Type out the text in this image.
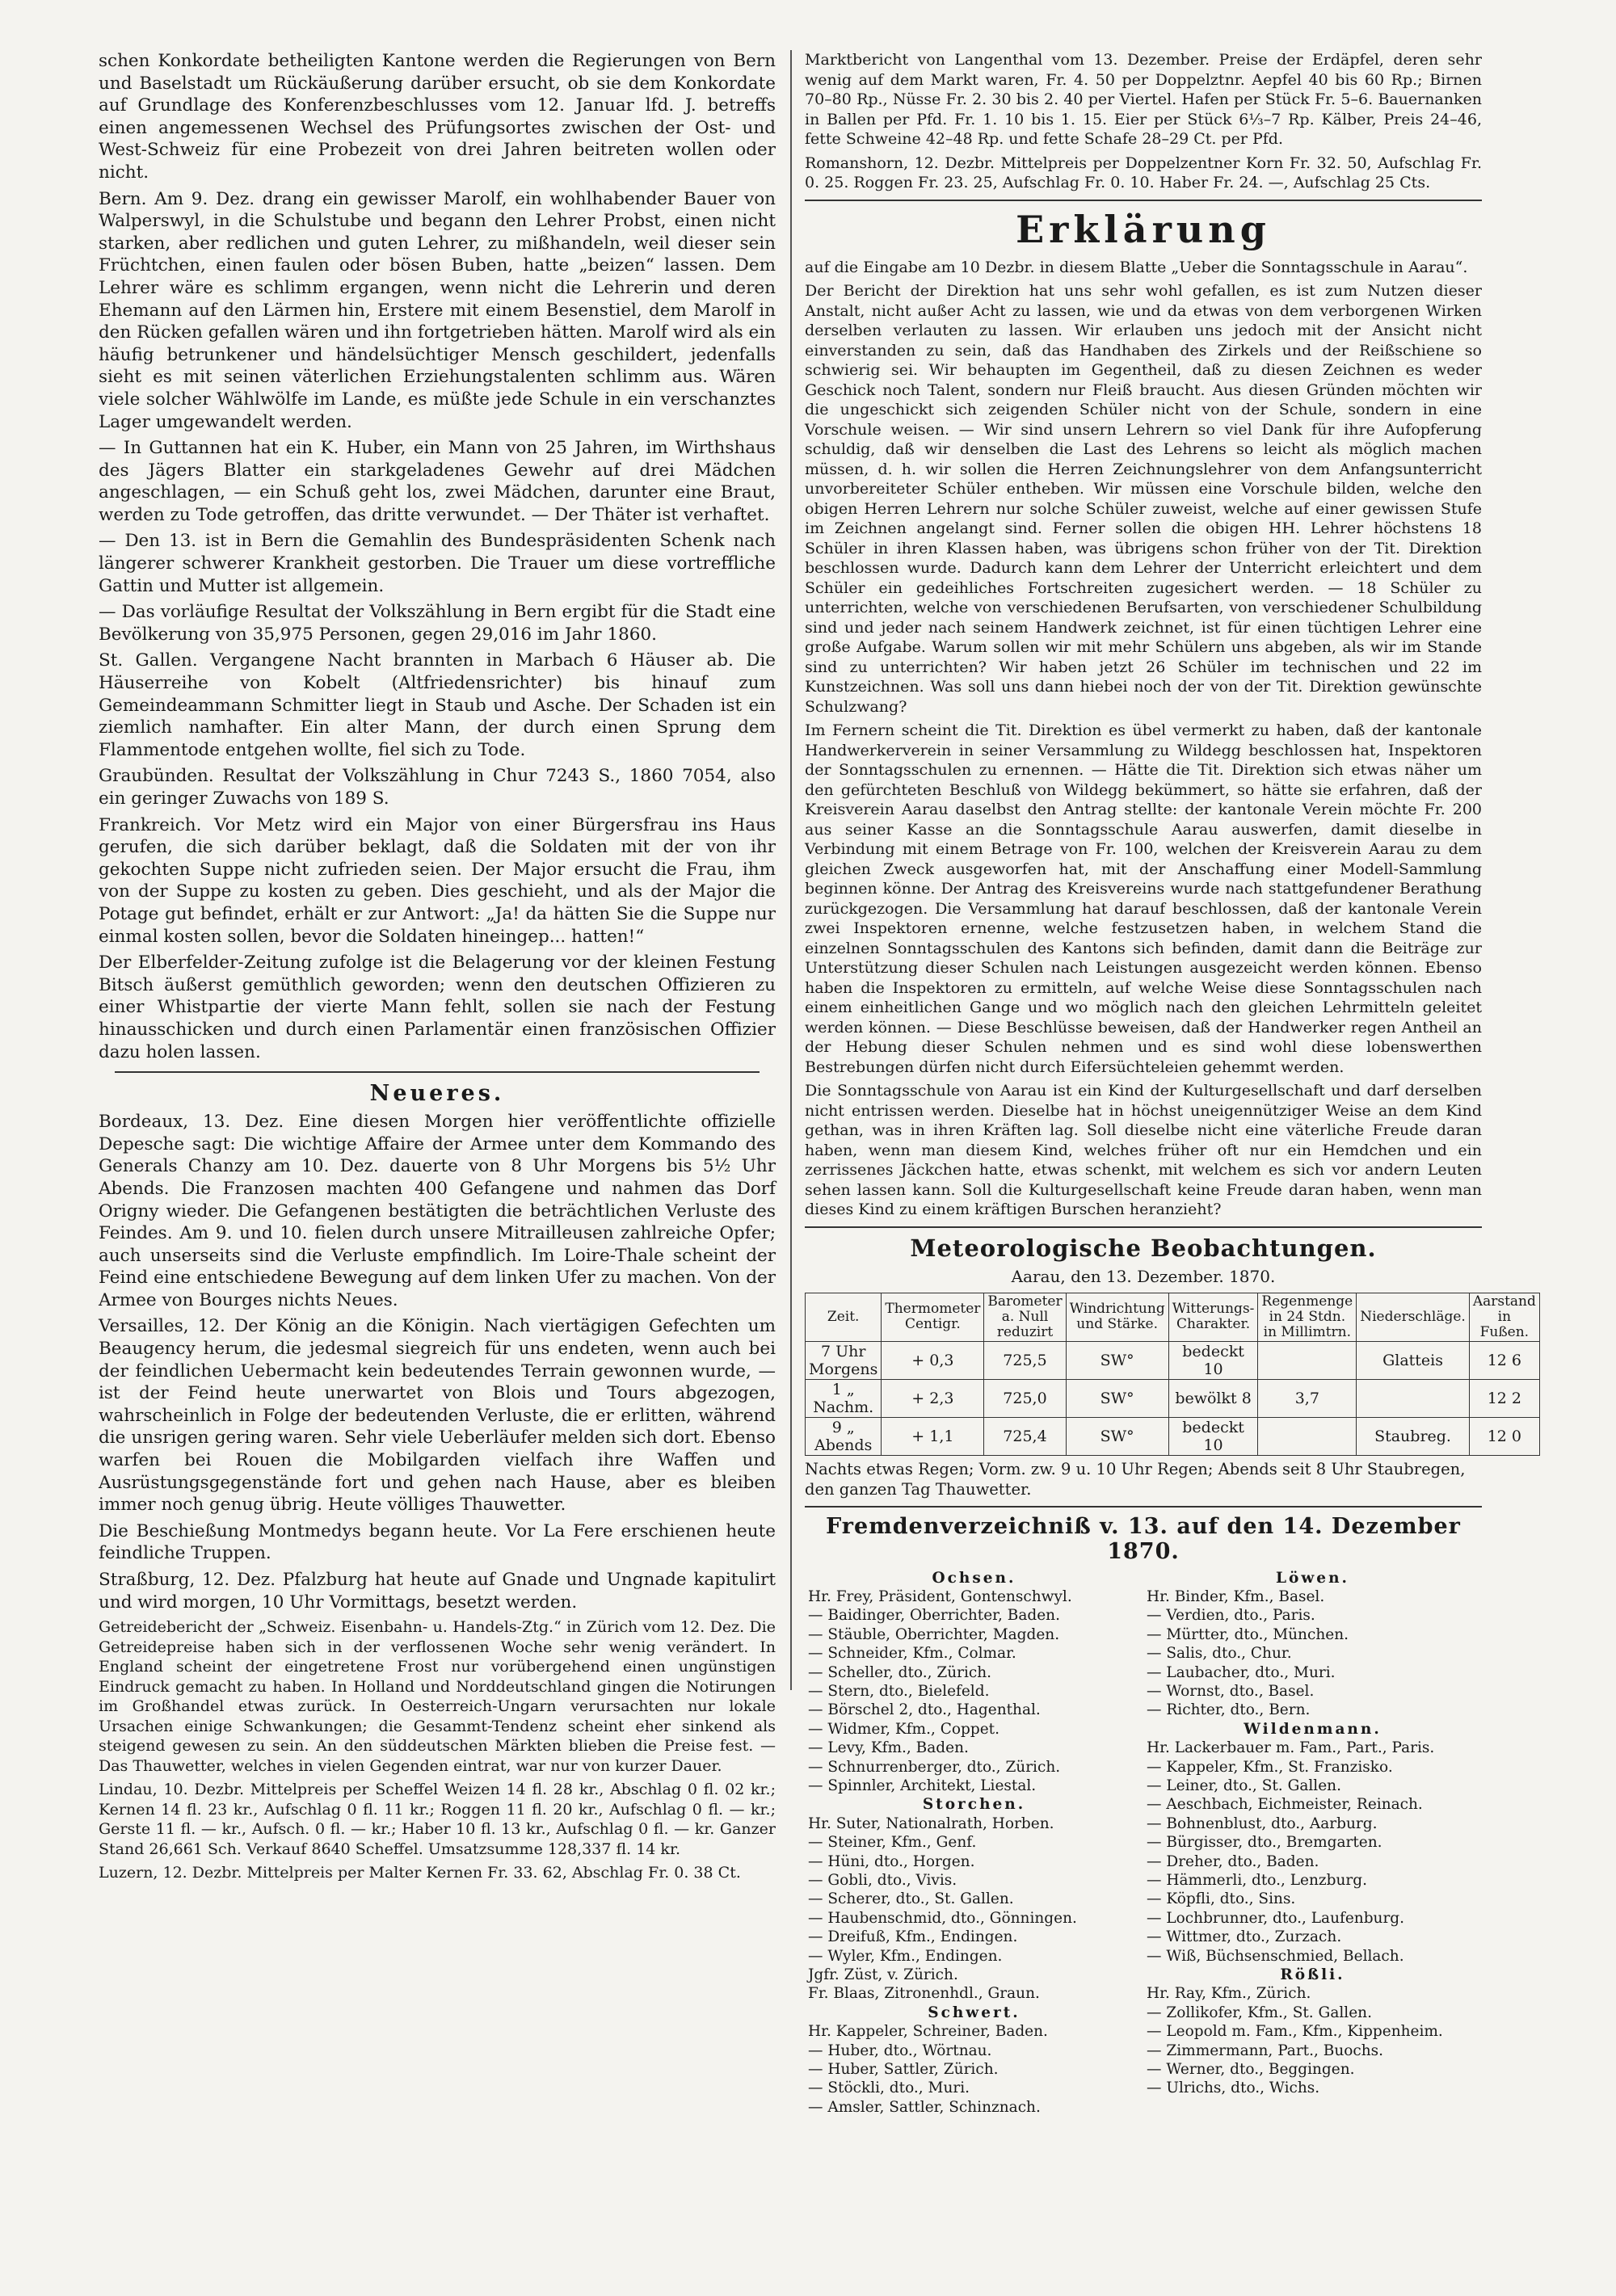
schen Konkordate betheiligten Kantone werden die Regierungen von Bern und Baselstadt um Rückäußerung darüber ersucht, ob sie dem Konkordate auf Grundlage des Konferenzbeschlusses vom 12. Januar lfd. J. betreffs einen angemessenen Wechsel des Prüfungsortes zwischen der Ost- und West-Schweiz für eine Probezeit von drei Jahren beitreten wollen oder nicht.

Bern. Am 9. Dez. drang ein gewisser Marolf, ein wohlhabender Bauer von Walperswyl, in die Schulstube und begann den Lehrer Probst, einen nicht starken, aber redlichen und guten Lehrer, zu mißhandeln, weil dieser sein Früchtchen, einen faulen oder bösen Buben, hatte „beizen“ lassen. Dem Lehrer wäre es schlimm ergangen, wenn nicht die Lehrerin und deren Ehemann auf den Lärmen hin, Erstere mit einem Besenstiel, dem Marolf in den Rücken gefallen wären und ihn fortgetrieben hätten. Marolf wird als ein häufig betrunkener und händelsüchtiger Mensch geschildert, jedenfalls sieht es mit seinen väterlichen Erziehungstalenten schlimm aus. Wären viele solcher Wählwölfe im Lande, es müßte jede Schule in ein verschanztes Lager umgewandelt werden.

— In Guttannen hat ein K. Huber, ein Mann von 25 Jahren, im Wirthshaus des Jägers Blatter ein starkgeladenes Gewehr auf drei Mädchen angeschlagen, — ein Schuß geht los, zwei Mädchen, darunter eine Braut, werden zu Tode getroffen, das dritte verwundet. — Der Thäter ist verhaftet.

— Den 13. ist in Bern die Gemahlin des Bundespräsidenten Schenk nach längerer schwerer Krankheit gestorben. Die Trauer um diese vortreffliche Gattin und Mutter ist allgemein.

— Das vorläufige Resultat der Volkszählung in Bern ergibt für die Stadt eine Bevölkerung von 35,975 Personen, gegen 29,016 im Jahr 1860.

St. Gallen. Vergangene Nacht brannten in Marbach 6 Häuser ab. Die Häuserreihe von Kobelt (Altfriedensrichter) bis hinauf zum Gemeindeammann Schmitter liegt in Staub und Asche. Der Schaden ist ein ziemlich namhafter. Ein alter Mann, der durch einen Sprung dem Flammentode entgehen wollte, fiel sich zu Tode.

Graubünden. Resultat der Volkszählung in Chur 7243 S., 1860 7054, also ein geringer Zuwachs von 189 S.

Frankreich. Vor Metz wird ein Major von einer Bürgersfrau ins Haus gerufen, die sich darüber beklagt, daß die Soldaten mit der von ihr gekochten Suppe nicht zufrieden seien. Der Major ersucht die Frau, ihm von der Suppe zu kosten zu geben. Dies geschieht, und als der Major die Potage gut befindet, erhält er zur Antwort: „Ja! da hätten Sie die Suppe nur einmal kosten sollen, bevor die Soldaten hineingep... hatten!“

Der Elberfelder-Zeitung zufolge ist die Belagerung vor der kleinen Festung Bitsch äußerst gemüthlich geworden; wenn den deutschen Offizieren zu einer Whistpartie der vierte Mann fehlt, sollen sie nach der Festung hinausschicken und durch einen Parlamentär einen französischen Offizier dazu holen lassen.

Neueres.

Bordeaux, 13. Dez. Eine diesen Morgen hier veröffentlichte offizielle Depesche sagt: Die wichtige Affaire der Armee unter dem Kommando des Generals Chanzy am 10. Dez. dauerte von 8 Uhr Morgens bis 5½ Uhr Abends. Die Franzosen machten 400 Gefangene und nahmen das Dorf Origny wieder. Die Gefangenen bestätigten die beträchtlichen Verluste des Feindes. Am 9. und 10. fielen durch unsere Mitrailleusen zahlreiche Opfer; auch unserseits sind die Verluste empfindlich. Im Loire-Thale scheint der Feind eine entschiedene Bewegung auf dem linken Ufer zu machen. Von der Armee von Bourges nichts Neues.

Versailles, 12. Der König an die Königin. Nach viertägigen Gefechten um Beaugency herum, die jedesmal siegreich für uns endeten, wenn auch bei der feindlichen Uebermacht kein bedeutendes Terrain gewonnen wurde, — ist der Feind heute unerwartet von Blois und Tours abgezogen, wahrscheinlich in Folge der bedeutenden Verluste, die er erlitten, während die unsrigen gering waren. Sehr viele Ueberläufer melden sich dort. Ebenso warfen bei Rouen die Mobilgarden vielfach ihre Waffen und Ausrüstungsgegenstände fort und gehen nach Hause, aber es bleiben immer noch genug übrig. Heute völliges Thauwetter.

Die Beschießung Montmedys begann heute. Vor La Fere erschienen heute feindliche Truppen.

Straßburg, 12. Dez. Pfalzburg hat heute auf Gnade und Ungnade kapitulirt und wird morgen, 10 Uhr Vormittags, besetzt werden.

Getreidebericht der „Schweiz. Eisenbahn- u. Handels-Ztg.“ in Zürich vom 12. Dez. Die Getreidepreise haben sich in der verflossenen Woche sehr wenig verändert. In England scheint der eingetretene Frost nur vorübergehend einen ungünstigen Eindruck gemacht zu haben. In Holland und Norddeutschland gingen die Notirungen im Großhandel etwas zurück. In Oesterreich-Ungarn verursachten nur lokale Ursachen einige Schwankungen; die Gesammt-Tendenz scheint eher sinkend als steigend gewesen zu sein. An den süddeutschen Märkten blieben die Preise fest. — Das Thauwetter, welches in vielen Gegenden eintrat, war nur von kurzer Dauer.

Lindau, 10. Dezbr. Mittelpreis per Scheffel Weizen 14 fl. 28 kr., Abschlag 0 fl. 02 kr.; Kernen 14 fl. 23 kr., Aufschlag 0 fl. 11 kr.; Roggen 11 fl. 20 kr., Aufschlag 0 fl. — kr.; Gerste 11 fl. — kr., Aufsch. 0 fl. — kr.; Haber 10 fl. 13 kr., Aufschlag 0 fl. — kr. Ganzer Stand 26,661 Sch. Verkauf 8640 Scheffel. Umsatzsumme 128,337 fl. 14 kr.

Luzern, 12. Dezbr. Mittelpreis per Malter Kernen Fr. 33. 62, Abschlag Fr. 0. 38 Ct.

Marktbericht von Langenthal vom 13. Dezember. Preise der Erdäpfel, deren sehr wenig auf dem Markt waren, Fr. 4. 50 per Doppelztnr. Aepfel 40 bis 60 Rp.; Birnen 70–80 Rp., Nüsse Fr. 2. 30 bis 2. 40 per Viertel. Hafen per Stück Fr. 5–6. Bauernanken in Ballen per Pfd. Fr. 1. 10 bis 1. 15. Eier per Stück 6⅓–7 Rp. Kälber, Preis 24–46, fette Schweine 42–48 Rp. und fette Schafe 28–29 Ct. per Pfd.

Romanshorn, 12. Dezbr. Mittelpreis per Doppelzentner Korn Fr. 32. 50, Aufschlag Fr. 0. 25. Roggen Fr. 23. 25, Aufschlag Fr. 0. 10. Haber Fr. 24. —, Aufschlag 25 Cts.

Erklärung

auf die Eingabe am 10 Dezbr. in diesem Blatte „Ueber die Sonntagsschule in Aarau“.

Der Bericht der Direktion hat uns sehr wohl gefallen, es ist zum Nutzen dieser Anstalt, nicht außer Acht zu lassen, wie und da etwas von dem verborgenen Wirken derselben verlauten zu lassen. Wir erlauben uns jedoch mit der Ansicht nicht einverstanden zu sein, daß das Handhaben des Zirkels und der Reißschiene so schwierig sei. Wir behaupten im Gegentheil, daß zu diesen Zeichnen es weder Geschick noch Talent, sondern nur Fleiß braucht. Aus diesen Gründen möchten wir die ungeschickt sich zeigenden Schüler nicht von der Schule, sondern in eine Vorschule weisen. — Wir sind unsern Lehrern so viel Dank für ihre Aufopferung schuldig, daß wir denselben die Last des Lehrens so leicht als möglich machen müssen, d. h. wir sollen die Herren Zeichnungslehrer von dem Anfangsunterricht unvorbereiteter Schüler entheben. Wir müssen eine Vorschule bilden, welche den obigen Herren Lehrern nur solche Schüler zuweist, welche auf einer gewissen Stufe im Zeichnen angelangt sind. Ferner sollen die obigen HH. Lehrer höchstens 18 Schüler in ihren Klassen haben, was übrigens schon früher von der Tit. Direktion beschlossen wurde. Dadurch kann dem Lehrer der Unterricht erleichtert und dem Schüler ein gedeihliches Fortschreiten zugesichert werden. — 18 Schüler zu unterrichten, welche von verschiedenen Berufsarten, von verschiedener Schulbildung sind und jeder nach seinem Handwerk zeichnet, ist für einen tüchtigen Lehrer eine große Aufgabe. Warum sollen wir mit mehr Schülern uns abgeben, als wir im Stande sind zu unterrichten? Wir haben jetzt 26 Schüler im technischen und 22 im Kunstzeichnen. Was soll uns dann hiebei noch der von der Tit. Direktion gewünschte Schulzwang?

Im Fernern scheint die Tit. Direktion es übel vermerkt zu haben, daß der kantonale Handwerkerverein in seiner Versammlung zu Wildegg beschlossen hat, Inspektoren der Sonntagsschulen zu ernennen. — Hätte die Tit. Direktion sich etwas näher um den gefürchteten Beschluß von Wildegg bekümmert, so hätte sie erfahren, daß der Kreisverein Aarau daselbst den Antrag stellte: der kantonale Verein möchte Fr. 200 aus seiner Kasse an die Sonntagsschule Aarau auswerfen, damit dieselbe in Verbindung mit einem Betrage von Fr. 100, welchen der Kreisverein Aarau zu dem gleichen Zweck ausgeworfen hat, mit der Anschaffung einer Modell-Sammlung beginnen könne. Der Antrag des Kreisvereins wurde nach stattgefundener Berathung zurückgezogen. Die Versammlung hat darauf beschlossen, daß der kantonale Verein zwei Inspektoren ernenne, welche festzusetzen haben, in welchem Stand die einzelnen Sonntagsschulen des Kantons sich befinden, damit dann die Beiträge zur Unterstützung dieser Schulen nach Leistungen ausgezeicht werden können. Ebenso haben die Inspektoren zu ermitteln, auf welche Weise diese Sonntagsschulen nach einem einheitlichen Gange und wo möglich nach den gleichen Lehrmitteln geleitet werden können. — Diese Beschlüsse beweisen, daß der Handwerker regen Antheil an der Hebung dieser Schulen nehmen und es sind wohl diese lobenswerthen Bestrebungen dürfen nicht durch Eifersüchteleien gehemmt werden.

Die Sonntagsschule von Aarau ist ein Kind der Kulturgesellschaft und darf derselben nicht entrissen werden. Dieselbe hat in höchst uneigennütziger Weise an dem Kind gethan, was in ihren Kräften lag. Soll dieselbe nicht eine väterliche Freude daran haben, wenn man diesem Kind, welches früher oft nur ein Hemdchen und ein zerrissenes Jäckchen hatte, etwas schenkt, mit welchem es sich vor andern Leuten sehen lassen kann. Soll die Kulturgesellschaft keine Freude daran haben, wenn man dieses Kind zu einem kräftigen Burschen heranzieht?

Meteorologische Beobachtungen.
Aarau, den 13. Dezember. 1870.
Zeit.	Thermometer Centigr.	Barometer a. Null reduzirt	Windrichtung und Stärke.	Witterungs-Charakter.	Regenmenge in 24 Stdn. in Millimtrn.	Niederschläge.	Aarstand in Fußen.
7 Uhr Morgens	+ 0,3	725,5	SW°	bedeckt 10		Glatteis	12 6
1 „ Nachm.	+ 2,3	725,0	SW°	bewölkt 8	3,7		12 2
9 „ Abends	+ 1,1	725,4	SW°	bedeckt 10		Staubreg.	12 0
Nachts etwas Regen; Vorm. zw. 9 u. 10 Uhr Regen; Abends seit 8 Uhr Staubregen, den ganzen Tag Thauwetter.
Fremdenverzeichniß v. 13. auf den 14. Dezember 1870.
Ochsen.
Hr. Frey, Präsident, Gontenschwyl.
— Baidinger, Oberrichter, Baden.
— Stäuble, Oberrichter, Magden.
— Schneider, Kfm., Colmar.
— Scheller, dto., Zürich.
— Stern, dto., Bielefeld.
— Börschel 2, dto., Hagenthal.
— Widmer, Kfm., Coppet.
— Levy, Kfm., Baden.
— Schnurrenberger, dto., Zürich.
— Spinnler, Architekt, Liestal.
Storchen.
Hr. Suter, Nationalrath, Horben.
— Steiner, Kfm., Genf.
— Hüni, dto., Horgen.
— Gobli, dto., Vivis.
— Scherer, dto., St. Gallen.
— Haubenschmid, dto., Gönningen.
— Dreifuß, Kfm., Endingen.
— Wyler, Kfm., Endingen.
Jgfr. Züst, v. Zürich.
Fr. Blaas, Zitronenhdl., Graun.
Schwert.
Hr. Kappeler, Schreiner, Baden.
— Huber, dto., Wörtnau.
— Huber, Sattler, Zürich.
— Stöckli, dto., Muri.
— Amsler, Sattler, Schinznach.
Löwen.
Hr. Binder, Kfm., Basel.
— Verdien, dto., Paris.
— Mürtter, dto., München.
— Salis, dto., Chur.
— Laubacher, dto., Muri.
— Wornst, dto., Basel.
— Richter, dto., Bern.
Wildenmann.
Hr. Lackerbauer m. Fam., Part., Paris.
— Kappeler, Kfm., St. Franzisko.
— Leiner, dto., St. Gallen.
— Aeschbach, Eichmeister, Reinach.
— Bohnenblust, dto., Aarburg.
— Bürgisser, dto., Bremgarten.
— Dreher, dto., Baden.
— Hämmerli, dto., Lenzburg.
— Köpfli, dto., Sins.
— Lochbrunner, dto., Laufenburg.
— Wittmer, dto., Zurzach.
— Wiß, Büchsenschmied, Bellach.
Rößli.
Hr. Ray, Kfm., Zürich.
— Zollikofer, Kfm., St. Gallen.
— Leopold m. Fam., Kfm., Kippenheim.
— Zimmermann, Part., Buochs.
— Werner, dto., Beggingen.
— Ulrichs, dto., Wichs.
